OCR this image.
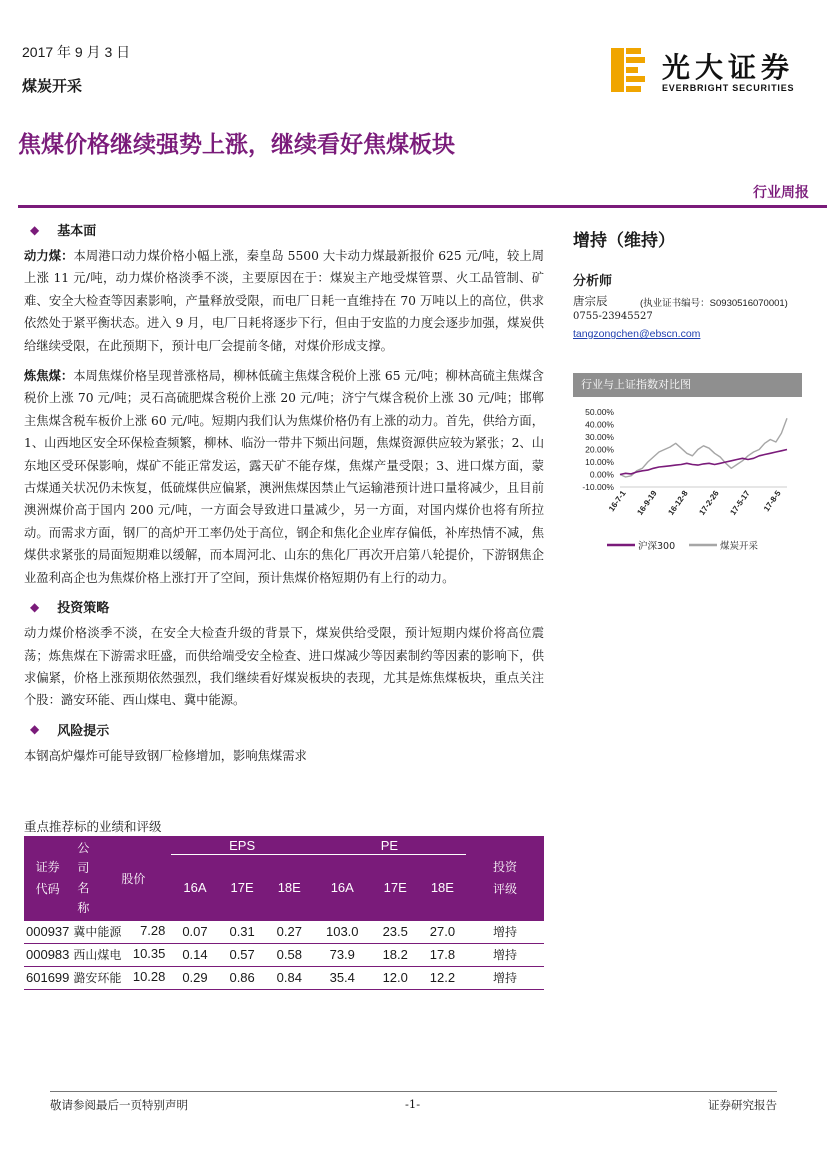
2017 年 9 月 3 日
煤炭开采
光大证券
EVERBRIGHT SECURITIES
焦煤价格继续强势上涨，继续看好焦煤板块
行业周报
◆ 基本面

动力煤：本周港口动力煤价格小幅上涨，秦皇岛 5500 大卡动力煤最新报价 625 元/吨，较上周上涨 11 元/吨，动力煤价格淡季不淡，主要原因在于：煤炭主产地受煤管票、火工品管制、矿难、安全大检查等因素影响，产量释放受限，而电厂日耗一直维持在 70 万吨以上的高位，供求依然处于紧平衡状态。进入 9 月，电厂日耗将逐步下行，但由于安监的力度会逐步加强，煤炭供给继续受限，在此预期下，预计电厂会提前冬储，对煤价形成支撑。

炼焦煤：本周焦煤价格呈现普涨格局，柳林低硫主焦煤含税价上涨 65 元/吨；柳林高硫主焦煤含税价上涨 70 元/吨；灵石高硫肥煤含税价上涨 20 元/吨；济宁气煤含税价上涨 30 元/吨；邯郸主焦煤含税车板价上涨 60 元/吨。短期内我们认为焦煤价格仍有上涨的动力。首先，供给方面，1、山西地区安全环保检查频繁，柳林、临汾一带井下频出问题，焦煤资源供应较为紧张；2、山东地区受环保影响，煤矿不能正常发运，露天矿不能存煤，焦煤产量受限；3、进口煤方面，蒙古煤通关状况仍未恢复，低硫煤供应偏紧，澳洲焦煤因禁止气运输港预计进口量将减少，且目前澳洲煤价高于国内 200 元/吨，一方面会导致进口量减少，另一方面，对国内煤价也将有所拉动。而需求方面，钢厂的高炉开工率仍处于高位，钢企和焦化企业库存偏低，补库热情不减，焦煤供求紧张的局面短期难以缓解，而本周河北、山东的焦化厂再次开启第八轮提价，下游钢焦企业盈利高企也为焦煤价格上涨打开了空间，预计焦煤价格短期仍有上行的动力。

◆ 投资策略

动力煤价格淡季不淡，在安全大检查升级的背景下，煤炭供给受限，预计短期内煤价将高位震荡；炼焦煤在下游需求旺盛，而供给端受安全检查、进口煤减少等因素制约等因素的影响下，供求偏紧，价格上涨预期依然强烈，我们继续看好煤炭板块的表现，尤其是炼焦煤板块，重点关注个股：潞安环能、西山煤电、冀中能源。

◆ 风险提示

本钢高炉爆炸可能导致钢厂检修增加，影响焦煤需求

增持（维持）
分析师
唐宗辰	(执业证书编号：S0930516070001)
0755-23945527
tangzongchen@ebscn.com
行业与上证指数对比图
50.00%
40.00%
30.00%
20.00%
10.00%
0.00%
-10.00%
16-7-1 16-9-19 16-12-8 17-2-26 17-5-17 17-8-5
沪深300	煤炭开采
重点推荐标的业绩和评级
证券代码	公司名称	股价	EPS			PE			投资评级
			16A	17E	18E	16A	17E	18E	
000937	冀中能源 7.28		0.07	0.31	0.27	103.0	23.5	27.0	增持
000983	西山煤电 10.35		0.14	0.57	0.58	73.9	18.2	17.8	增持
601699	潞安环能 10.28		0.29	0.86	0.84	35.4	12.0	12.2	增持
敬请参阅最后一页特别声明	-1-	证券研究报告
